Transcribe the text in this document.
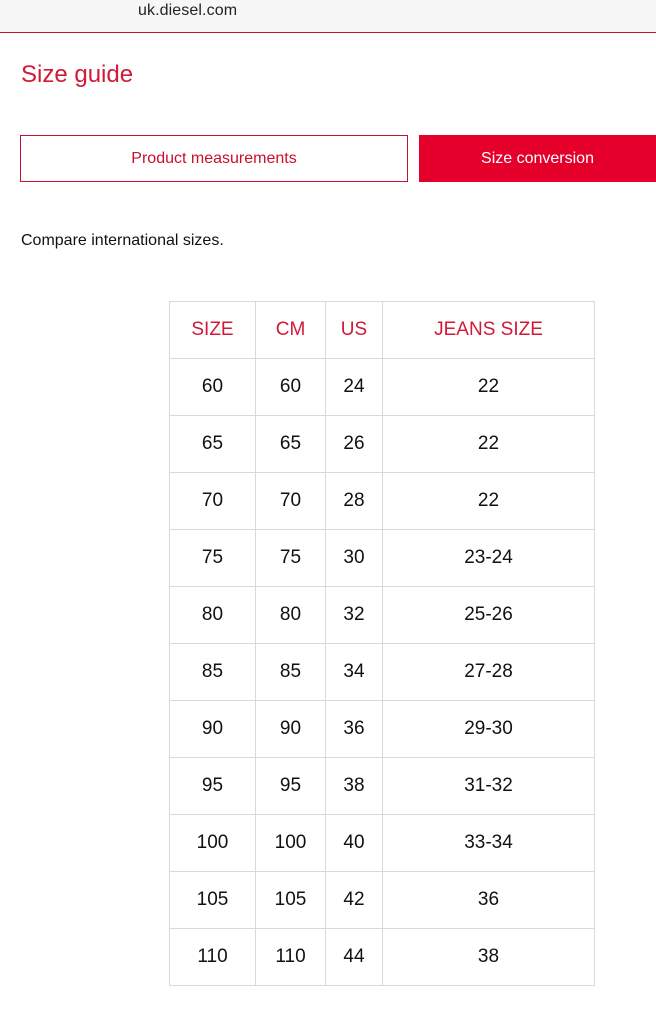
uk.diesel.com
Size guide
Product measurements	Size conversion

Compare international sizes.

SIZE	CM	US	JEANS SIZE
60	60	24	22
65	65	26	22
70	70	28	22
75	75	30	23-24
80	80	32	25-26
85	85	34	27-28
90	90	36	29-30
95	95	38	31-32
100	100	40	33-34
105	105	42	36
110	110	44	38
